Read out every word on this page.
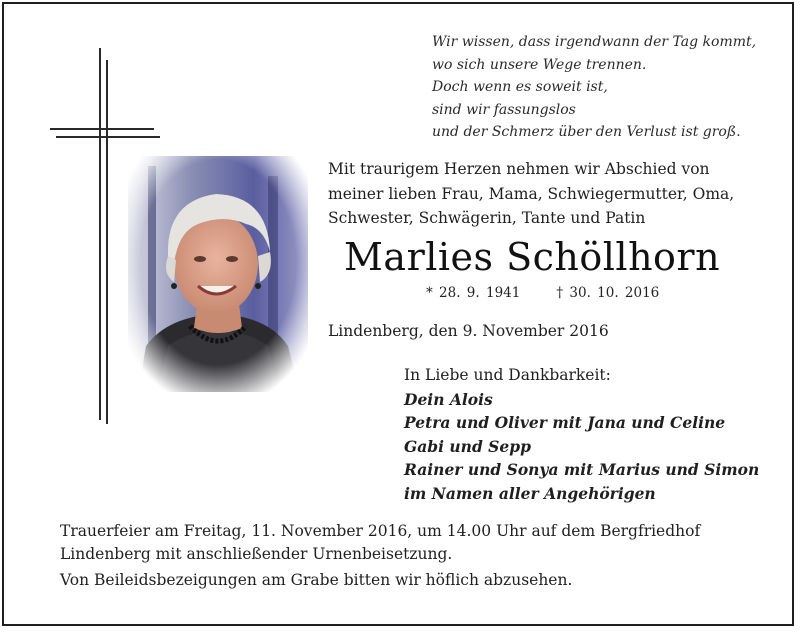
Wir wissen, dass irgendwann der Tag kommt,
wo sich unsere Wege trennen.
Doch wenn es soweit ist,
sind wir fassungslos
und der Schmerz über den Verlust ist groß.
Mit traurigem Herzen nehmen wir Abschied von
meiner lieben Frau, Mama, Schwiegermutter, Oma,
Schwester, Schwägerin, Tante und Patin
Marlies Schöllhorn
* 28. 9. 1941	† 30. 10. 2016
Lindenberg, den 9. November 2016
In Liebe und Dankbarkeit:
Dein Alois
Petra und Oliver mit Jana und Celine
Gabi und Sepp
Rainer und Sonya mit Marius und Simon
im Namen aller Angehörigen
Trauerfeier am Freitag, 11. November 2016, um 14.00 Uhr auf dem Bergfriedhof
Lindenberg mit anschließender Urnenbeisetzung.
Von Beileidsbezeigungen am Grabe bitten wir höflich abzusehen.
